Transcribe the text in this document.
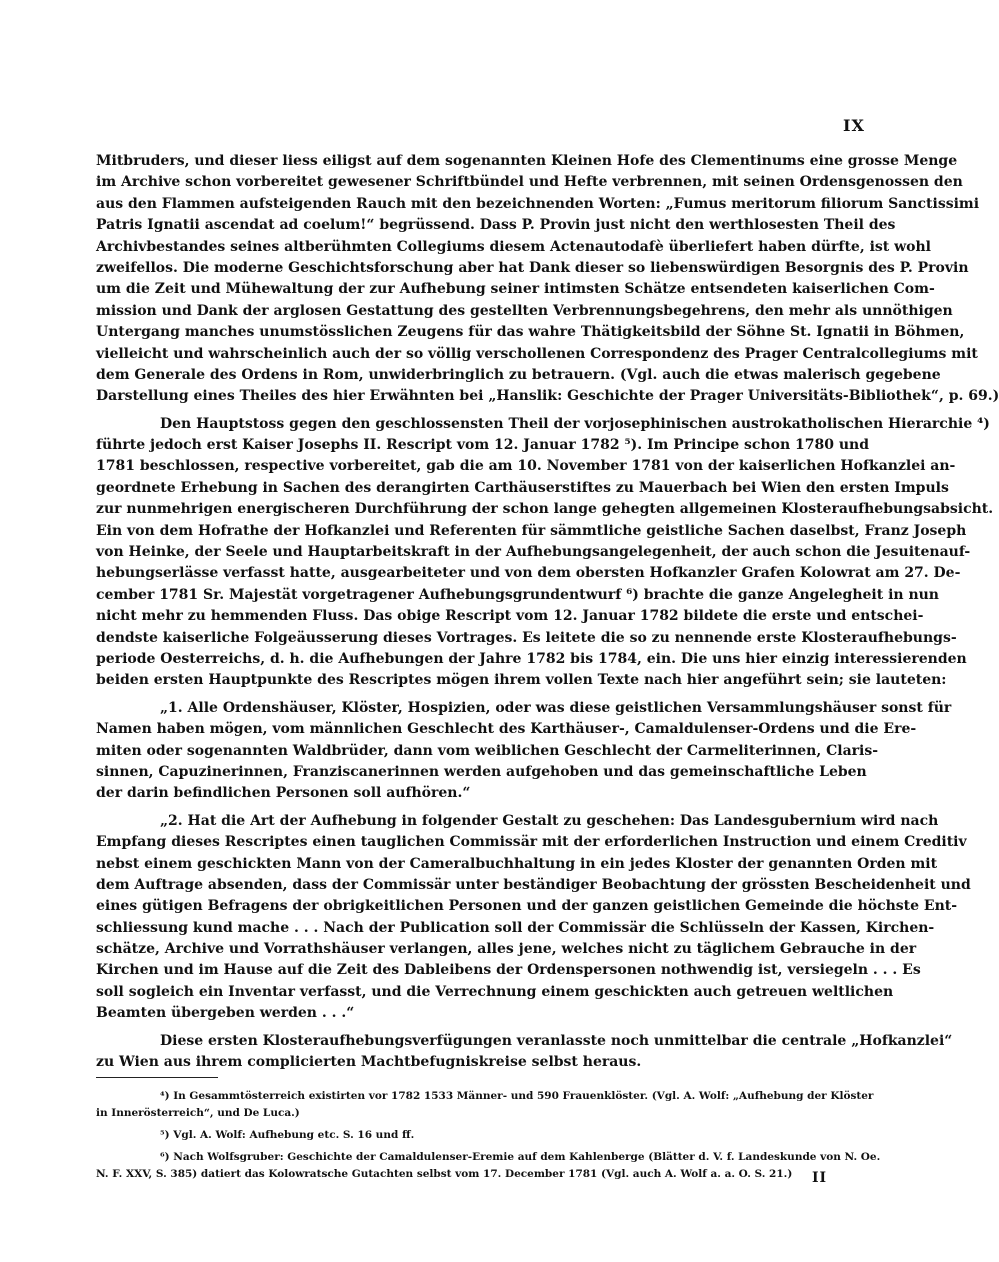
IX
Mitbruders, und dieser liess eiligst auf dem sogenannten Kleinen Hofe des Clementinums eine grosse Menge
im Archive schon vorbereitet gewesener Schriftbündel und Hefte verbrennen, mit seinen Ordensgenossen den
aus den Flammen aufsteigenden Rauch mit den bezeichnenden Worten: „Fumus meritorum filiorum Sanctissimi
Patris Ignatii ascendat ad coelum!“ begrüssend. Dass P. Provin just nicht den werthlosesten Theil des
Archivbestandes seines altberühmten Collegiums diesem Actenautodafè überliefert haben dürfte, ist wohl
zweifellos. Die moderne Geschichtsforschung aber hat Dank dieser so liebenswürdigen Besorgnis des P. Provin
um die Zeit und Mühewaltung der zur Aufhebung seiner intimsten Schätze entsendeten kaiserlichen Com-
mission und Dank der arglosen Gestattung des gestellten Verbrennungsbegehrens, den mehr als unnöthigen
Untergang manches unumstösslichen Zeugens für das wahre Thätigkeitsbild der Söhne St. Ignatii in Böhmen,
vielleicht und wahrscheinlich auch der so völlig verschollenen Correspondenz des Prager Centralcollegiums mit
dem Generale des Ordens in Rom, unwiderbringlich zu betrauern. (Vgl. auch die etwas malerisch gegebene
Darstellung eines Theiles des hier Erwähnten bei „Hanslik: Geschichte der Prager Universitäts-Bibliothek“, p. 69.)
Den Hauptstoss gegen den geschlossensten Theil der vorjosephinischen austrokatholischen Hierarchie ⁴)
führte jedoch erst Kaiser Josephs II. Rescript vom 12. Januar 1782 ⁵). Im Principe schon 1780 und
1781 beschlossen, respective vorbereitet, gab die am 10. November 1781 von der kaiserlichen Hofkanzlei an-
geordnete Erhebung in Sachen des derangirten Carthäuserstiftes zu Mauerbach bei Wien den ersten Impuls
zur nunmehrigen energischeren Durchführung der schon lange gehegten allgemeinen Klosteraufhebungsabsicht.
Ein von dem Hofrathe der Hofkanzlei und Referenten für sämmtliche geistliche Sachen daselbst, Franz Joseph
von Heinke, der Seele und Hauptarbeitskraft in der Aufhebungsangelegenheit, der auch schon die Jesuitenauf-
hebungserlässe verfasst hatte, ausgearbeiteter und von dem obersten Hofkanzler Grafen Kolowrat am 27. De-
cember 1781 Sr. Majestät vorgetragener Aufhebungsgrundentwurf ⁶) brachte die ganze Angelegheit in nun
nicht mehr zu hemmenden Fluss. Das obige Rescript vom 12. Januar 1782 bildete die erste und entschei-
dendste kaiserliche Folgeäusserung dieses Vortrages. Es leitete die so zu nennende erste Klosteraufhebungs-
periode Oesterreichs, d. h. die Aufhebungen der Jahre 1782 bis 1784, ein. Die uns hier einzig interessierenden
beiden ersten Hauptpunkte des Rescriptes mögen ihrem vollen Texte nach hier angeführt sein; sie lauteten:
„1. Alle Ordenshäuser, Klöster, Hospizien, oder was diese geistlichen Versammlungshäuser sonst für
Namen haben mögen, vom männlichen Geschlecht des Karthäuser-, Camaldulenser-Ordens und die Ere-
miten oder sogenannten Waldbrüder, dann vom weiblichen Geschlecht der Carmeliterinnen, Claris-
sinnen, Capuzinerinnen, Franziscanerinnen werden aufgehoben und das gemeinschaftliche Leben
der darin befindlichen Personen soll aufhören.“
„2. Hat die Art der Aufhebung in folgender Gestalt zu geschehen: Das Landesgubernium wird nach
Empfang dieses Rescriptes einen tauglichen Commissär mit der erforderlichen Instruction und einem Creditiv
nebst einem geschickten Mann von der Cameralbuchhaltung in ein jedes Kloster der genannten Orden mit
dem Auftrage absenden, dass der Commissär unter beständiger Beobachtung der grössten Bescheidenheit und
eines gütigen Befragens der obrigkeitlichen Personen und der ganzen geistlichen Gemeinde die höchste Ent-
schliessung kund mache . . . Nach der Publication soll der Commissär die Schlüsseln der Kassen, Kirchen-
schätze, Archive und Vorrathshäuser verlangen, alles jene, welches nicht zu täglichem Gebrauche in der
Kirchen und im Hause auf die Zeit des Dableibens der Ordenspersonen nothwendig ist, versiegeln . . . Es
soll sogleich ein Inventar verfasst, und die Verrechnung einem geschickten auch getreuen weltlichen
Beamten übergeben werden . . .“
Diese ersten Klosteraufhebungsverfügungen veranlasste noch unmittelbar die centrale „Hofkanzlei“
zu Wien aus ihrem complicierten Machtbefugniskreise selbst heraus.
⁴) In Gesammtösterreich existirten vor 1782 1533 Männer- und 590 Frauenklöster. (Vgl. A. Wolf: „Aufhebung der Klöster
in Innerösterreich“, und De Luca.)
⁵) Vgl. A. Wolf: Aufhebung etc. S. 16 und ff.
⁶) Nach Wolfsgruber: Geschichte der Camaldulenser-Eremie auf dem Kahlenberge (Blätter d. V. f. Landeskunde von N. Oe.
N. F. XXV, S. 385) datiert das Kolowratsche Gutachten selbst vom 17. December 1781 (Vgl. auch A. Wolf a. a. O. S. 21.)	II
